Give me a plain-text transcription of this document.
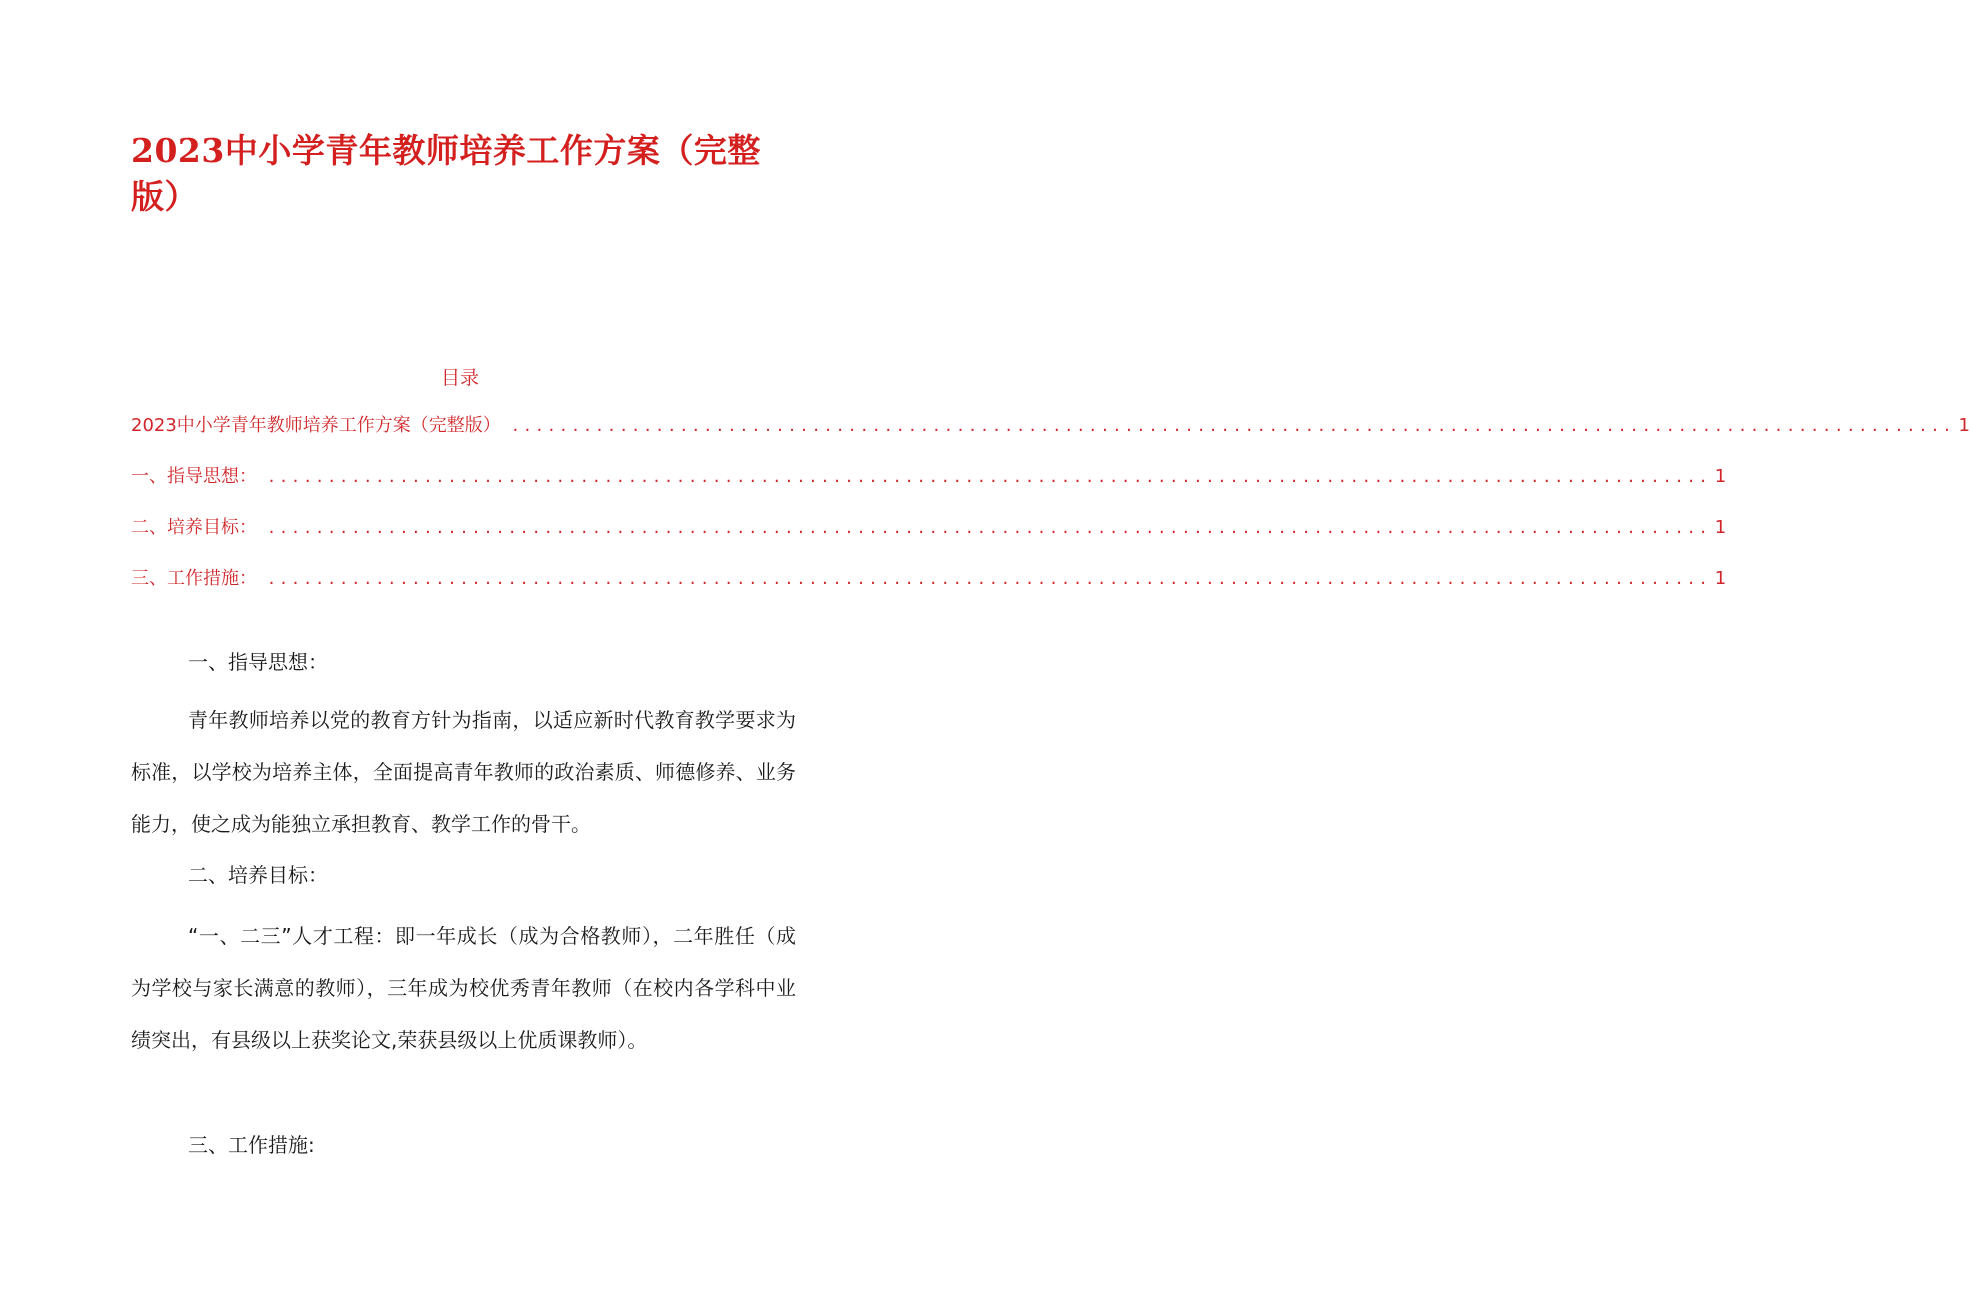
2023中小学青年教师培养工作方案（完整版）
目录
2023中小学青年教师培养工作方案（完整版） ........................................................................................................................ 1
一、指导思想： ........................................................................................................................ 1
二、培养目标： ........................................................................................................................ 1
三、工作措施： ........................................................................................................................ 1
一、指导思想：

青年教师培养以党的教育方针为指南，以适应新时代教育教学要求为标准，以学校为培养主体，全面提高青年教师的政治素质、师德修养、业务能力，使之成为能独立承担教育、教学工作的骨干。

二、培养目标：

“一、二三”人才工程：即一年成长（成为合格教师），二年胜任（成为学校与家长满意的教师），三年成为校优秀青年教师（在校内各学科中业绩突出，有县级以上获奖论文,荣获县级以上优质课教师）。

三、工作措施:
